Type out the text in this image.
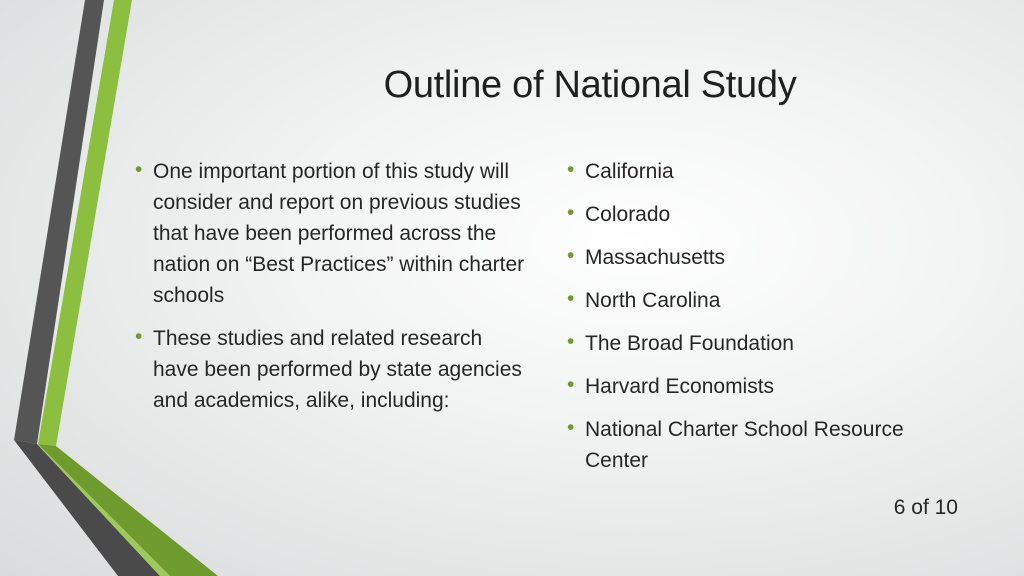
Outline of National Study
• One important portion of this study will consider and report on previous studies that have been performed across the nation on “Best Practices” within charter schools
• These studies and related research have been performed by state agencies and academics, alike, including:
• California
• Colorado
• Massachusetts
• North Carolina
• The Broad Foundation
• Harvard Economists
• National Charter School Resource Center
6 of 10
